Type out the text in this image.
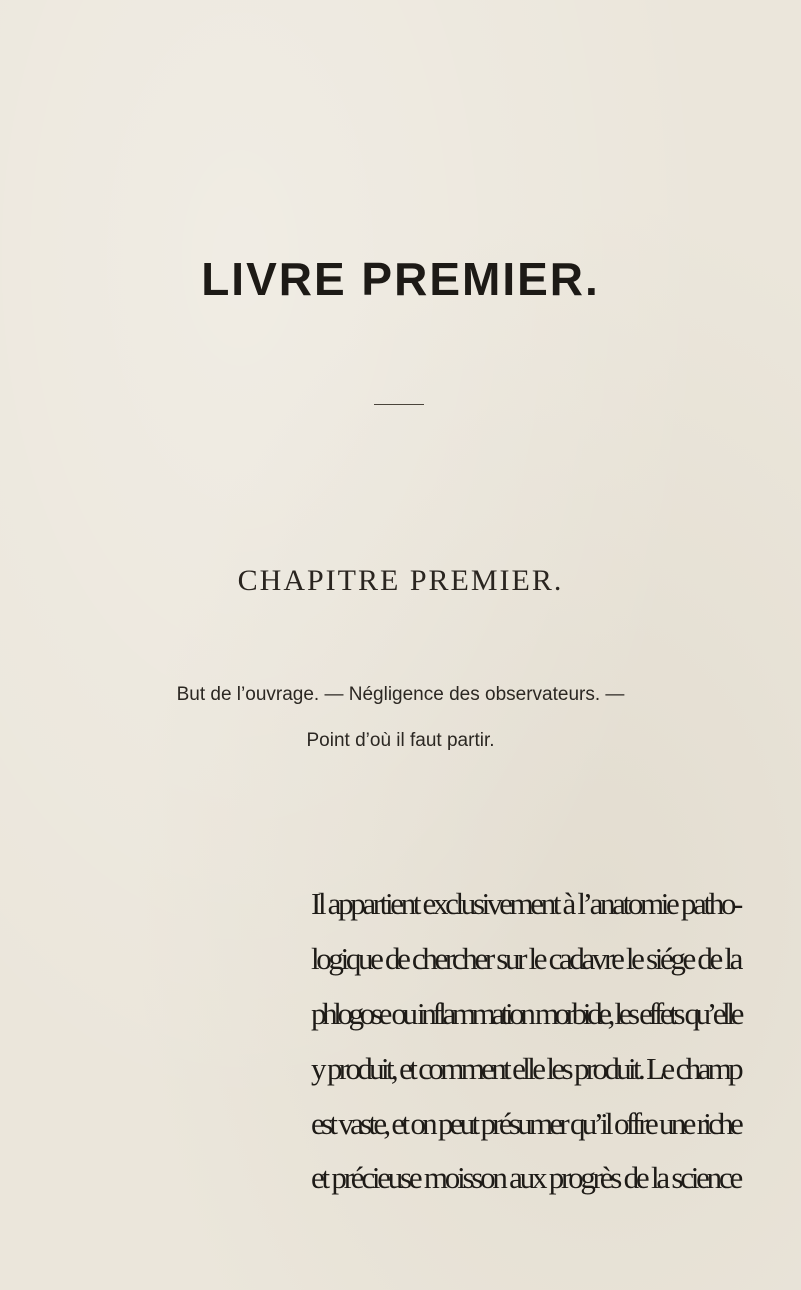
LIVRE PREMIER.
CHAPITRE PREMIER.
But de l’ouvrage. — Négligence des observateurs. —
Point d’où il faut partir.
Il appartient exclusivement à l’anatomie patho-
logique de chercher sur le cadavre le siége de la
phlogose ou inflammation morbide, les effets qu’elle
y produit, et comment elle les produit. Le champ
est vaste, et on peut présumer qu’il offre une riche
et précieuse moisson aux progrès de la science
